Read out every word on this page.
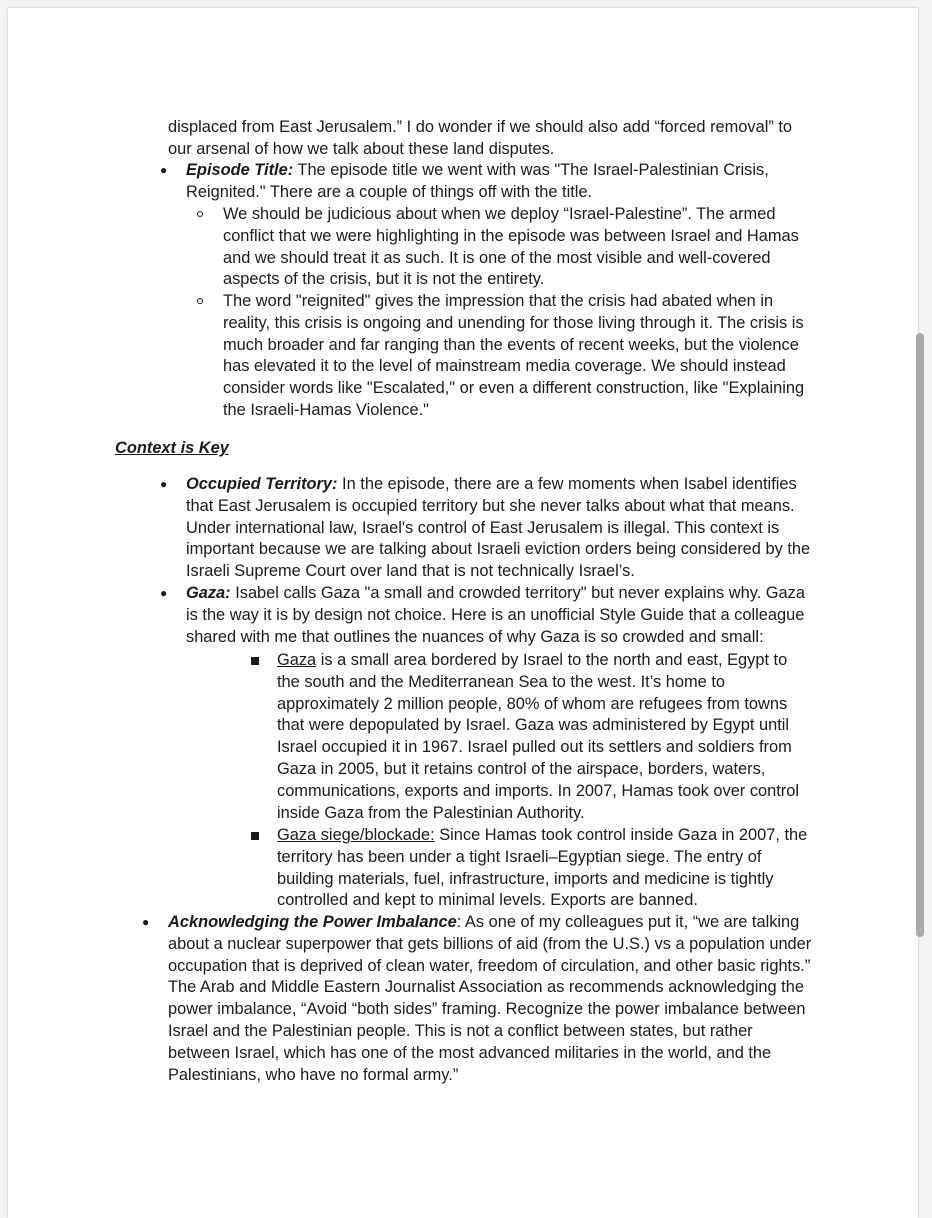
displaced from East Jerusalem.” I do wonder if we should also add “forced removal” to
our arsenal of how we talk about these land disputes.
● Episode Title: The episode title we went with was "The Israel-Palestinian Crisis,
Reignited." There are a couple of things off with the title.
We should be judicious about when we deploy “Israel-Palestine”. The armed
conflict that we were highlighting in the episode was between Israel and Hamas
and we should treat it as such. It is one of the most visible and well-covered
aspects of the crisis, but it is not the entirety.
The word "reignited" gives the impression that the crisis had abated when in
reality, this crisis is ongoing and unending for those living through it. The crisis is
much broader and far ranging than the events of recent weeks, but the violence
has elevated it to the level of mainstream media coverage. We should instead
consider words like "Escalated," or even a different construction, like "Explaining
the Israeli-Hamas Violence."
Context is Key
● Occupied Territory: In the episode, there are a few moments when Isabel identifies
that East Jerusalem is occupied territory but she never talks about what that means.
Under international law, Israel's control of East Jerusalem is illegal. This context is
important because we are talking about Israeli eviction orders being considered by the
Israeli Supreme Court over land that is not technically Israel’s.
● Gaza: Isabel calls Gaza "a small and crowded territory" but never explains why. Gaza
is the way it is by design not choice. Here is an unofficial Style Guide that a colleague
shared with me that outlines the nuances of why Gaza is so crowded and small:
Gaza is a small area bordered by Israel to the north and east, Egypt to
the south and the Mediterranean Sea to the west. It’s home to
approximately 2 million people, 80% of whom are refugees from towns
that were depopulated by Israel. Gaza was administered by Egypt until
Israel occupied it in 1967. Israel pulled out its settlers and soldiers from
Gaza in 2005, but it retains control of the airspace, borders, waters,
communications, exports and imports. In 2007, Hamas took over control
inside Gaza from the Palestinian Authority.
Gaza siege/blockade: Since Hamas took control inside Gaza in 2007, the
territory has been under a tight Israeli–Egyptian siege. The entry of
building materials, fuel, infrastructure, imports and medicine is tightly
controlled and kept to minimal levels. Exports are banned.
● Acknowledging the Power Imbalance: As one of my colleagues put it, “we are talking
about a nuclear superpower that gets billions of aid (from the U.S.) vs a population under
occupation that is deprived of clean water, freedom of circulation, and other basic rights.”
The Arab and Middle Eastern Journalist Association as recommends acknowledging the
power imbalance, “Avoid “both sides” framing. Recognize the power imbalance between
Israel and the Palestinian people. This is not a conflict between states, but rather
between Israel, which has one of the most advanced militaries in the world, and the
Palestinians, who have no formal army.”
